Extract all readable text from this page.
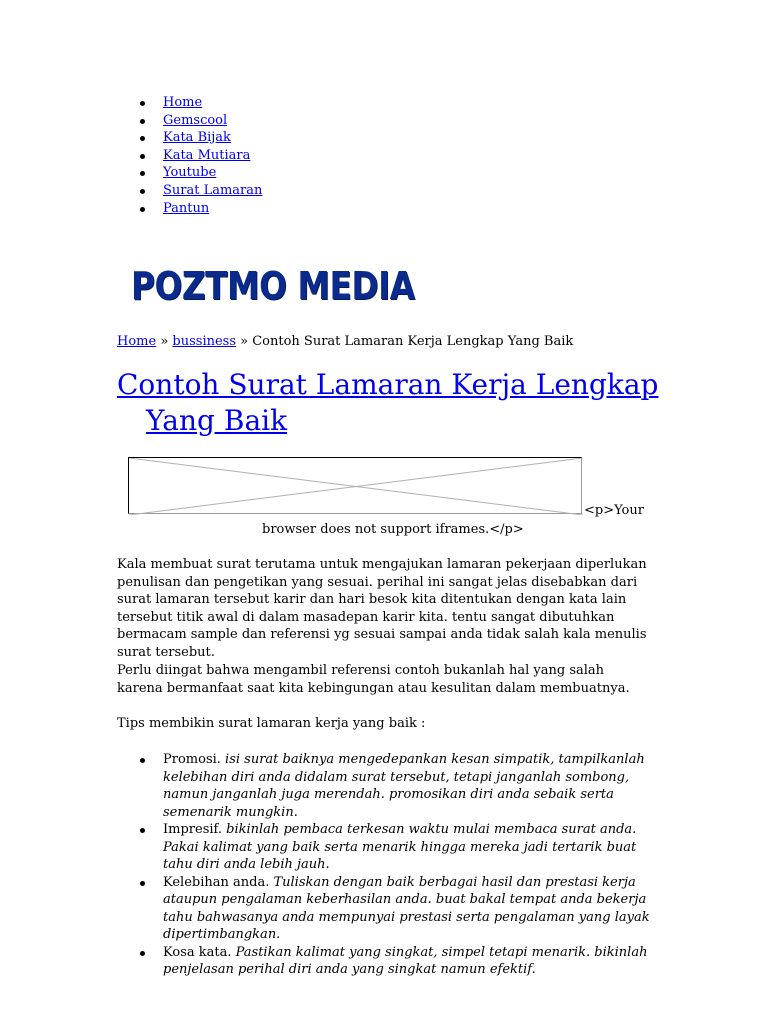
Home
Gemscool
Kata Bijak
Kata Mutiara
Youtube
Surat Lamaran
Pantun
POZTMO MEDIA
Home » bussiness » Contoh Surat Lamaran Kerja Lengkap Yang Baik
Contoh Surat Lamaran Kerja Lengkap
Yang Baik
<p>Your
browser does not support iframes.</p>

Kala membuat surat terutama untuk mengajukan lamaran pekerjaan diperlukan penulisan dan pengetikan yang sesuai. perihal ini sangat jelas disebabkan dari surat lamaran tersebut karir dan hari besok kita ditentukan dengan kata lain tersebut titik awal di dalam masadepan karir kita. tentu sangat dibutuhkan bermacam sample dan referensi yg sesuai sampai anda tidak salah kala menulis surat tersebut.

Perlu diingat bahwa mengambil referensi contoh bukanlah hal yang salah karena bermanfaat saat kita kebingungan atau kesulitan dalam membuatnya.

Tips membikin surat lamaran kerja yang baik :

Promosi. isi surat baiknya mengedepankan kesan simpatik, tampilkanlah kelebihan diri anda didalam surat tersebut, tetapi janganlah sombong, namun janganlah juga merendah. promosikan diri anda sebaik serta semenarik mungkin.
Impresif. bikinlah pembaca terkesan waktu mulai membaca surat anda. Pakai kalimat yang baik serta menarik hingga mereka jadi tertarik buat tahu diri anda lebih jauh.
Kelebihan anda. Tuliskan dengan baik berbagai hasil dan prestasi kerja ataupun pengalaman keberhasilan anda. buat bakal tempat anda bekerja tahu bahwasanya anda mempunyai prestasi serta pengalaman yang layak dipertimbangkan.
Kosa kata. Pastikan kalimat yang singkat, simpel tetapi menarik. bikinlah penjelasan perihal diri anda yang singkat namun efektif.
